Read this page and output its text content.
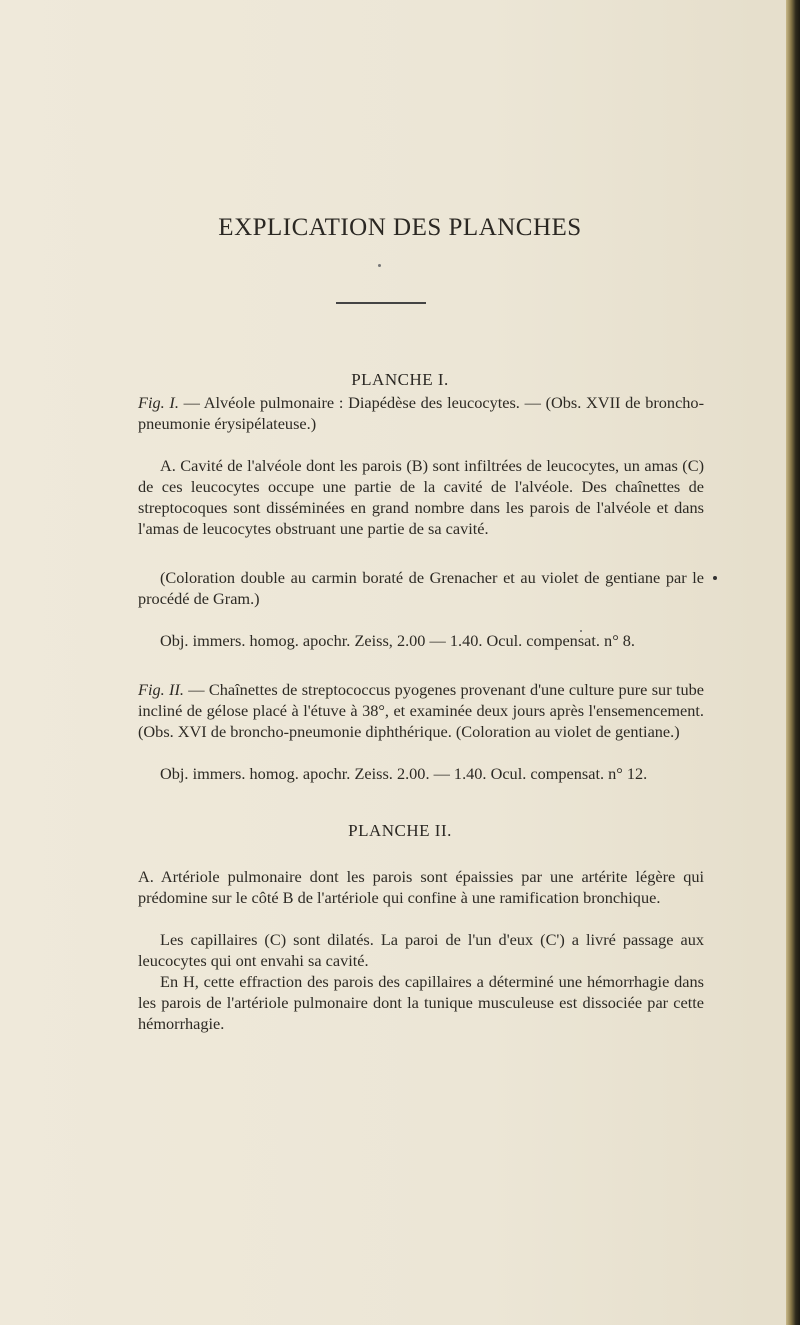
EXPLICATION DES PLANCHES
PLANCHE I.
Fig. I. — Alvéole pulmonaire : Diapédèse des leucocytes. — (Obs. XVII de broncho-pneumonie érysipélateuse.)
A. Cavité de l'alvéole dont les parois (B) sont infiltrées de leucocytes, un amas (C) de ces leucocytes occupe une partie de la cavité de l'alvéole. Des chaînettes de streptocoques sont disséminées en grand nombre dans les parois de l'alvéole et dans l'amas de leucocytes obstruant une partie de sa cavité.
(Coloration double au carmin boraté de Grenacher et au violet de gentiane par le procédé de Gram.)
Obj. immers. homog. apochr. Zeiss, 2.00 — 1.40. Ocul. compensat. n° 8.
Fig. II. — Chaînettes de streptococcus pyogenes provenant d'une culture pure sur tube incliné de gélose placé à l'étuve à 38°, et examinée deux jours après l'ensemencement. (Obs. XVI de broncho-pneumonie diphthérique. (Coloration au violet de gentiane.)
Obj. immers. homog. apochr. Zeiss. 2.00. — 1.40. Ocul. compensat. n° 12.
PLANCHE II.
A. Artériole pulmonaire dont les parois sont épaissies par une artérite légère qui prédomine sur le côté B de l'artériole qui confine à une ramification bronchique.
Les capillaires (C) sont dilatés. La paroi de l'un d'eux (C') a livré passage aux leucocytes qui ont envahi sa cavité.
En H, cette effraction des parois des capillaires a déterminé une hémorrhagie dans les parois de l'artériole pulmonaire dont la tunique musculeuse est dissociée par cette hémorrhagie.
